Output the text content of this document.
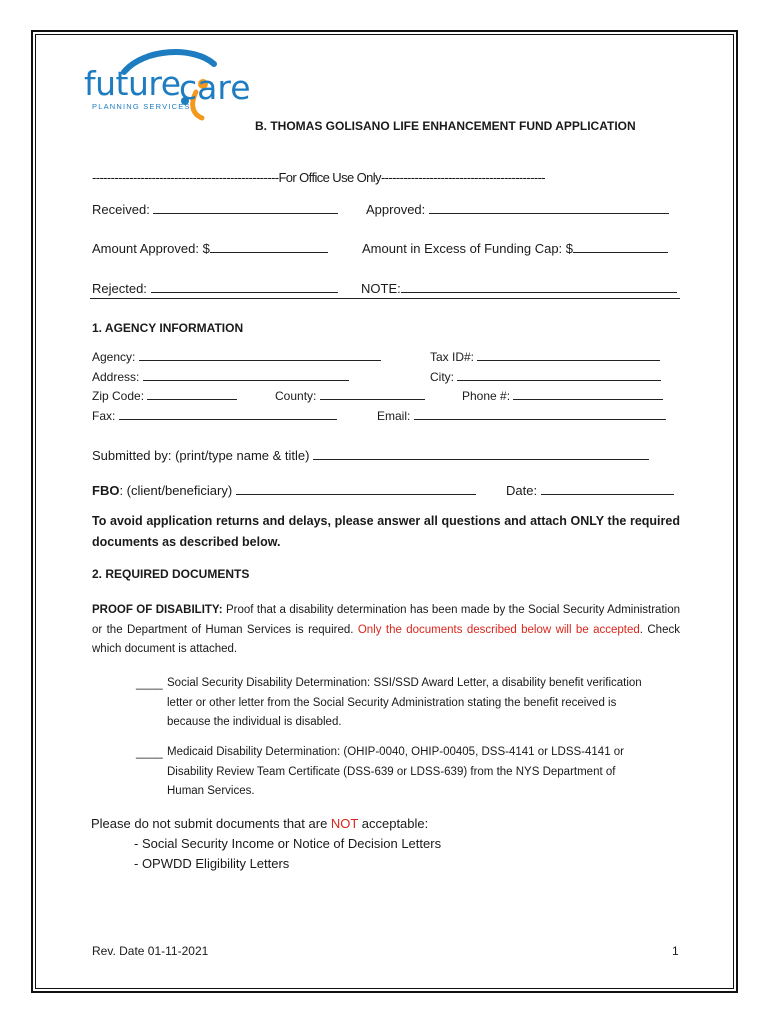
future
care
PLANNING SERVICES
B. THOMAS GOLISANO LIFE ENHANCEMENT FUND APPLICATION
--------------------------------------------------For Office Use Only--------------------------------------------
Received:	Approved:
Amount Approved: $	Amount in Excess of Funding Cap: $
Rejected:	NOTE:
1. AGENCY INFORMATION
Agency:	Tax ID#:
Address:	City:
Zip Code:	County:	Phone #:
Fax:	Email:
Submitted by: (print/type name & title)
FBO: (client/beneficiary)	Date:
To avoid application returns and delays, please answer all questions and attach ONLY the required documents as described below.
2. REQUIRED DOCUMENTS
PROOF OF DISABILITY: Proof that a disability determination has been made by the Social Security Administration or the Department of Human Services is required. Only the documents described below will be accepted. Check which document is attached.
____ Social Security Disability Determination: SSI/SSD Award Letter, a disability benefit verification letter or other letter from the Social Security Administration stating the benefit received is because the individual is disabled.
____ Medicaid Disability Determination: (OHIP-0040, OHIP-00405, DSS-4141 or LDSS-4141 or Disability Review Team Certificate (DSS-639 or LDSS-639) from the NYS Department of Human Services.
Please do not submit documents that are NOT acceptable:
- Social Security Income or Notice of Decision Letters
- OPWDD Eligibility Letters
Rev. Date 01-11-2021	1
